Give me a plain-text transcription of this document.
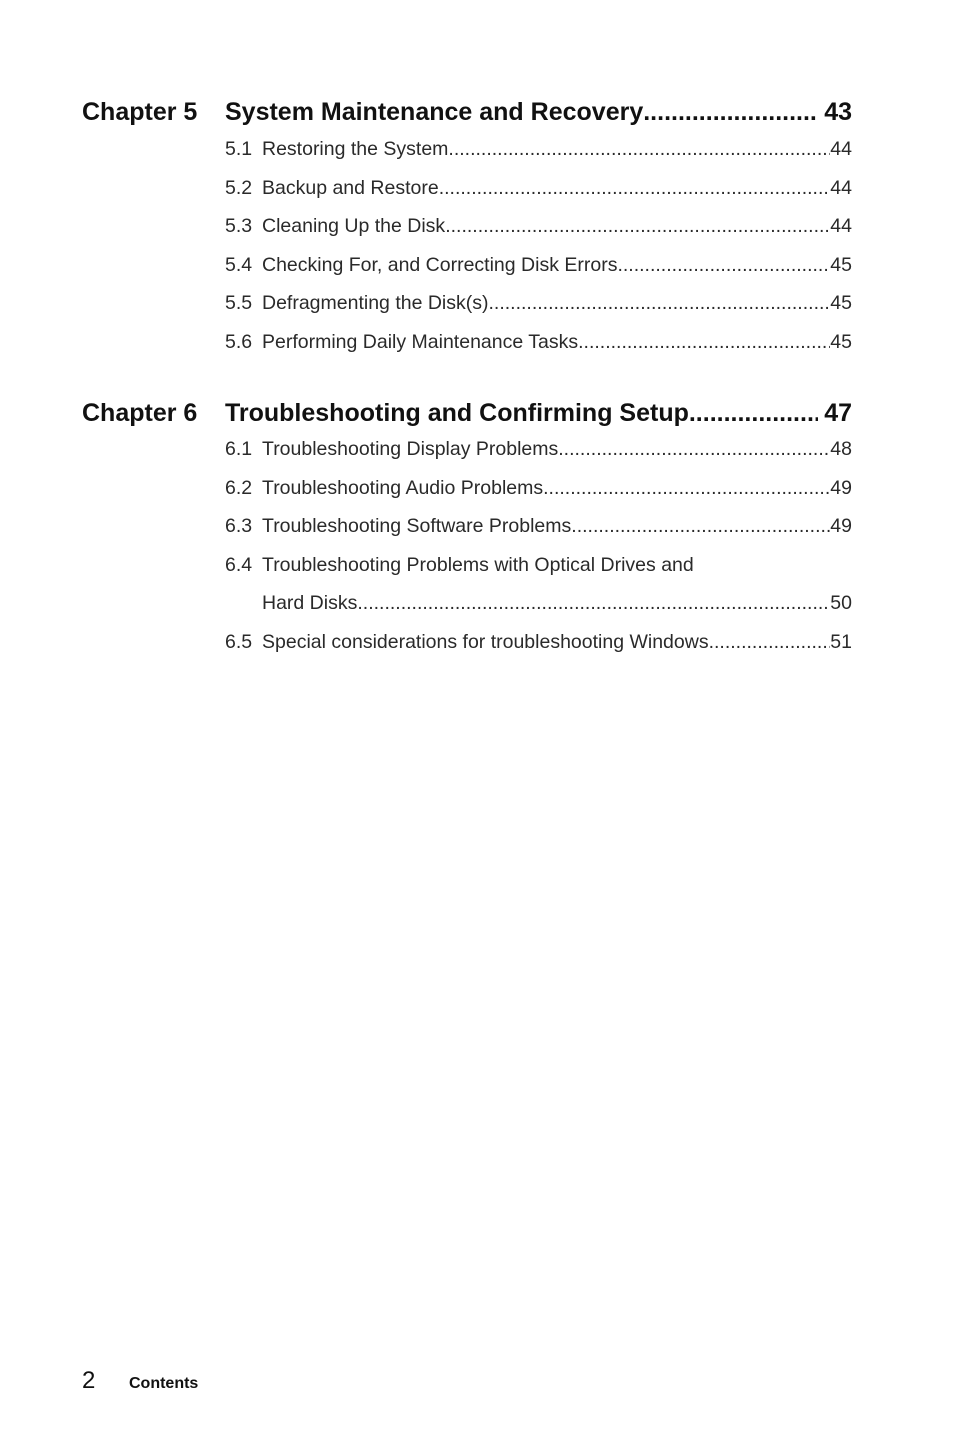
Chapter 5	System Maintenance and Recovery .....	43
5.1 Restoring the System .....	44
5.2 Backup and Restore .....	44
5.3 Cleaning Up the Disk .....	44
5.4 Checking For, and Correcting Disk Errors .....	45
5.5 Defragmenting the Disk(s) .....	45
5.6 Performing Daily Maintenance Tasks .....	45
Chapter 6	Troubleshooting and Confirming Setup .....	47
6.1 Troubleshooting Display Problems .....	48
6.2 Troubleshooting Audio Problems .....	49
6.3 Troubleshooting Software Problems .....	49
6.4 Troubleshooting Problems with Optical Drives and
Hard Disks .....	50
6.5 Special considerations for troubleshooting Windows .....	51
2	Contents
